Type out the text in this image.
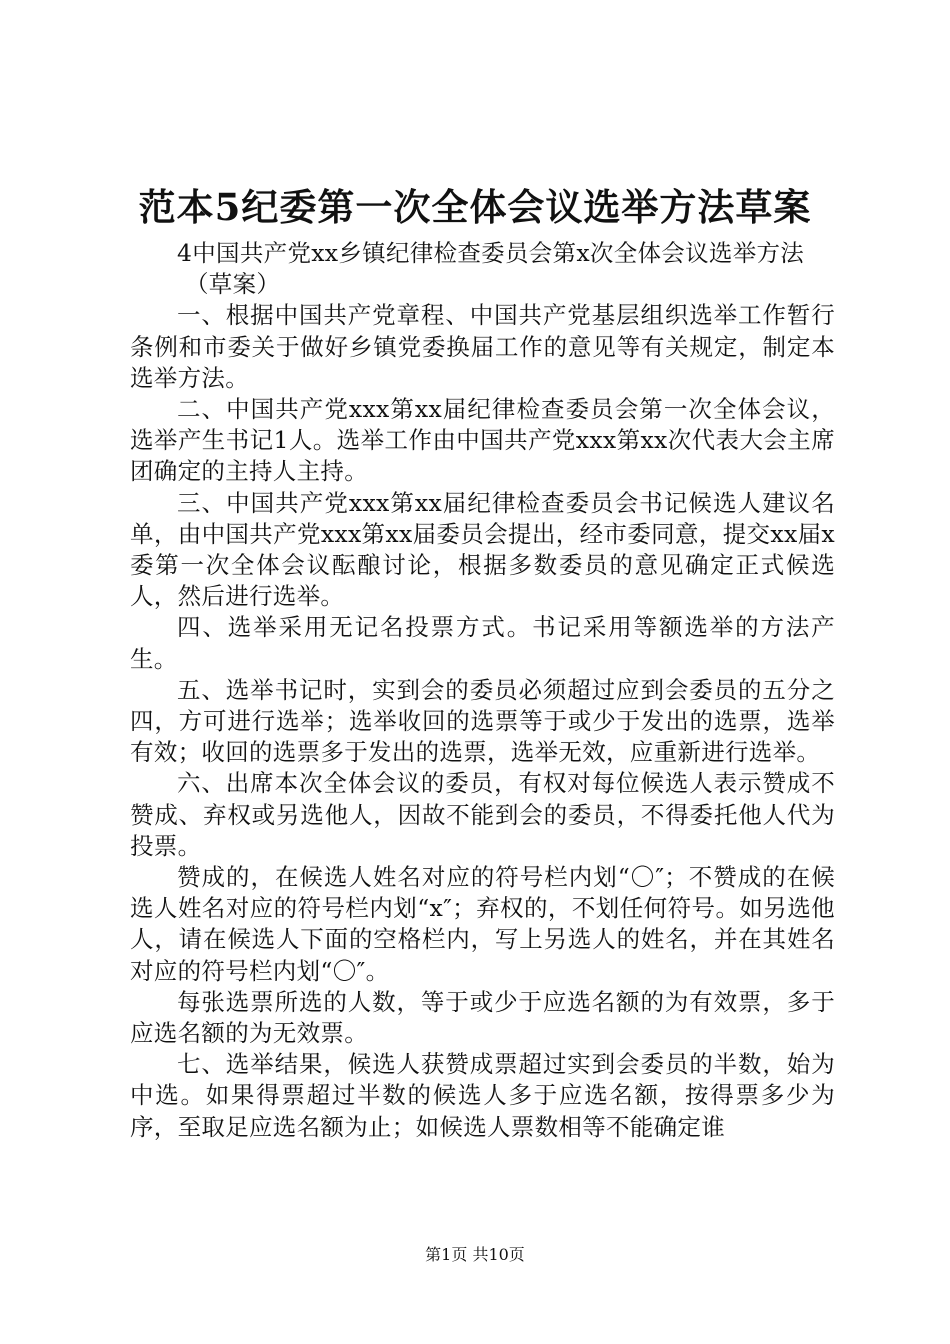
范本5纪委第一次全体会议选举方法草案

4中国共产党xx乡镇纪律检查委员会第x次全体会议选举方法

（草案）

一、根据中国共产党章程、中国共产党基层组织选举工作暂行条例和市委关于做好乡镇党委换届工作的意见等有关规定，制定本选举方法。

二、中国共产党xxx第xx届纪律检查委员会第一次全体会议，选举产生书记1人。选举工作由中国共产党xxx第xx次代表大会主席团确定的主持人主持。

三、中国共产党xxx第xx届纪律检查委员会书记候选人建议名单，由中国共产党xxx第xx届委员会提出，经市委同意，提交xx届x委第一次全体会议酝酿讨论，根据多数委员的意见确定正式候选人，然后进行选举。

四、选举采用无记名投票方式。书记采用等额选举的方法产生。

五、选举书记时，实到会的委员必须超过应到会委员的五分之四，方可进行选举；选举收回的选票等于或少于发出的选票，选举有效；收回的选票多于发出的选票，选举无效，应重新进行选举。

六、出席本次全体会议的委员，有权对每位候选人表示赞成不赞成、弃权或另选他人，因故不能到会的委员，不得委托他人代为投票。

赞成的，在候选人姓名对应的符号栏内划“〇″；不赞成的在候选人姓名对应的符号栏内划“x″；弃权的，不划任何符号。如另选他人，请在候选人下面的空格栏内，写上另选人的姓名，并在其姓名对应的符号栏内划“〇″。

每张选票所选的人数，等于或少于应选名额的为有效票，多于应选名额的为无效票。

七、选举结果，候选人获赞成票超过实到会委员的半数，始为中选。如果得票超过半数的候选人多于应选名额，按得票多少为序，至取足应选名额为止；如候选人票数相等不能确定谁

第1页 共10页
